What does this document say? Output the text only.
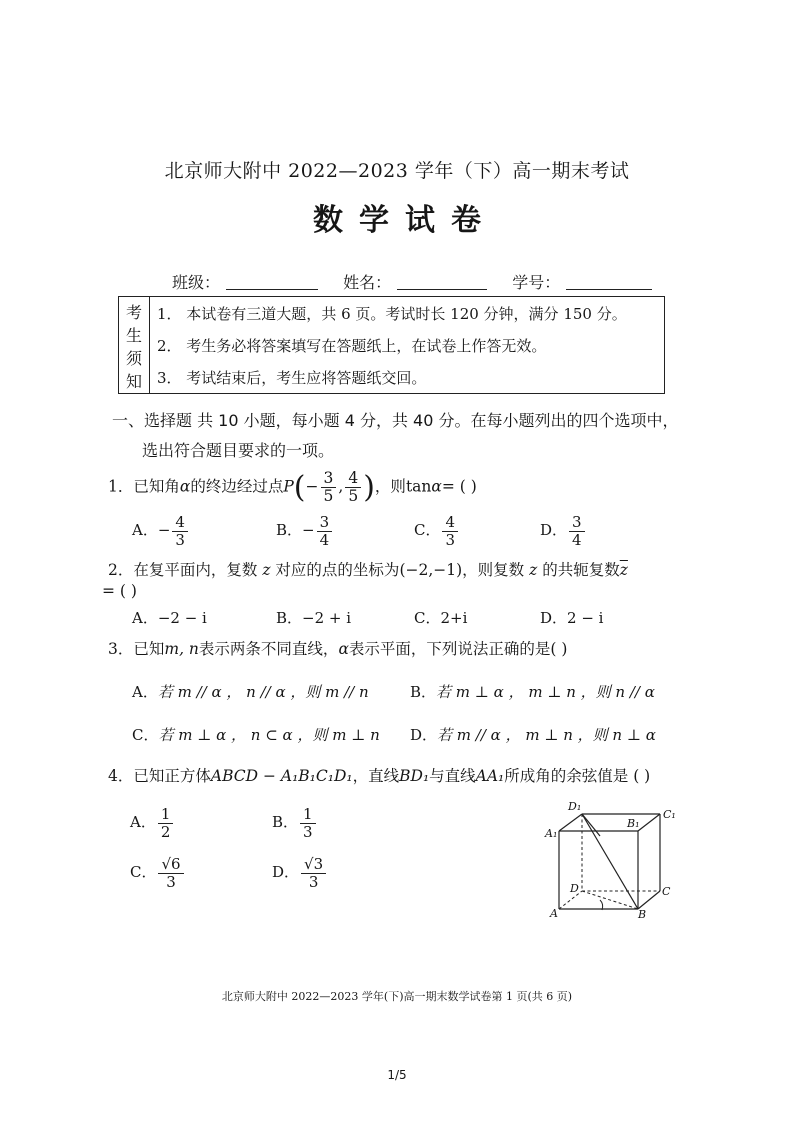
北京师大附中 2022—2023 学年（下）高一期末考试
数学试卷
班级：	姓名：	学号：
考
生
须
知
1． 本试卷有三道大题，共 6 页。考试时长 120 分钟，满分 150 分。
2． 考生务必将答案填写在答题纸上，在试卷上作答无效。
3． 考试结束后，考生应将答题纸交回。
一、选择题 共 10 小题，每小题 4 分，共 40 分。在每小题列出的四个选项中，
选出符合题目要求的一项。
1．已知角α的终边经过点$P(- \frac{3}{5}$ , $\frac{4}{5}$ )，则tanα= ( )
A．− $\frac{4}{3}$	B．− $\frac{3}{4}$	C． $\frac{4}{3}$	D． $\frac{3}{4}$
2．在复平面内，复数 z 对应的点的坐标为(−2,−1)，则复数 z 的共轭复数$\overline{z}$
= ( )
A．−2 − i	B．−2 + i	C．2+i	D．2 − i
3．已知m, n表示两条不同直线，α表示平面，下列说法正确的是( )
A．若 m // α ， n // α ，则 m // n	B．若 m ⊥ α ， m ⊥ n ，则 n // α
C．若 m ⊥ α ， n ⊂ α ，则 m ⊥ n D．若 m // α ， m ⊥ n ，则 n ⊥ α
4．已知正方体ABCD − A₁B₁C₁D₁，直线BD₁与直线AA₁所成角的余弦值是 ( )
A． $\frac{1}{2}$	B． $\frac{1}{3}$
C． $\frac{√6}{3}$	D． $\frac{√3}{3}$
D₁
C₁
A₁
B₁
D	C
A	B
北京师大附中 2022—2023 学年(下)高一期末数学试卷第 1 页(共 6 页)
1/5
